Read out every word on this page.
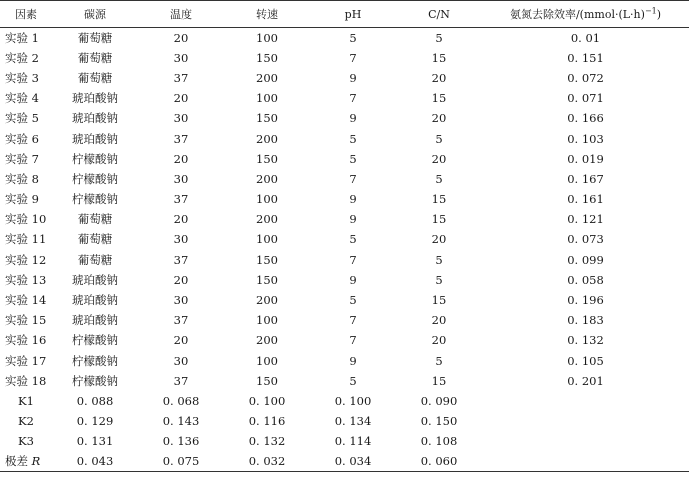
因素	碳源	温度	转速	pH	C/N	氨氮去除效率$/(mmol\cdot(L\cdot h)^{-1})$
实验 1	葡萄糖	20	100	5	5	0. 01
实验 2	葡萄糖	30	150	7	15	0. 151
实验 3	葡萄糖	37	200	9	20	0. 072
实验 4	琥珀酸钠	20	100	7	15	0. 071
实验 5	琥珀酸钠	30	150	9	20	0. 166
实验 6	琥珀酸钠	37	200	5	5	0. 103
实验 7	柠檬酸钠	20	150	5	20	0. 019
实验 8	柠檬酸钠	30	200	7	5	0. 167
实验 9	柠檬酸钠	37	100	9	15	0. 161
实验 10	葡萄糖	20	200	9	15	0. 121
实验 11	葡萄糖	30	100	5	20	0. 073
实验 12	葡萄糖	37	150	7	5	0. 099
实验 13	琥珀酸钠	20	150	9	5	0. 058
实验 14	琥珀酸钠	30	200	5	15	0. 196
实验 15	琥珀酸钠	37	100	7	20	0. 183
实验 16	柠檬酸钠	20	200	7	20	0. 132
实验 17	柠檬酸钠	30	100	9	5	0. 105
实验 18	柠檬酸钠	37	150	5	15	0. 201
K1	0. 088	0. 068	0. 100	0. 100	0. 090	
K2	0. 129	0. 143	0. 116	0. 134	0. 150	
K3	0. 131	0. 136	0. 132	0. 114	0. 108	
极差 R	0. 043	0. 075	0. 032	0. 034	0. 060	
